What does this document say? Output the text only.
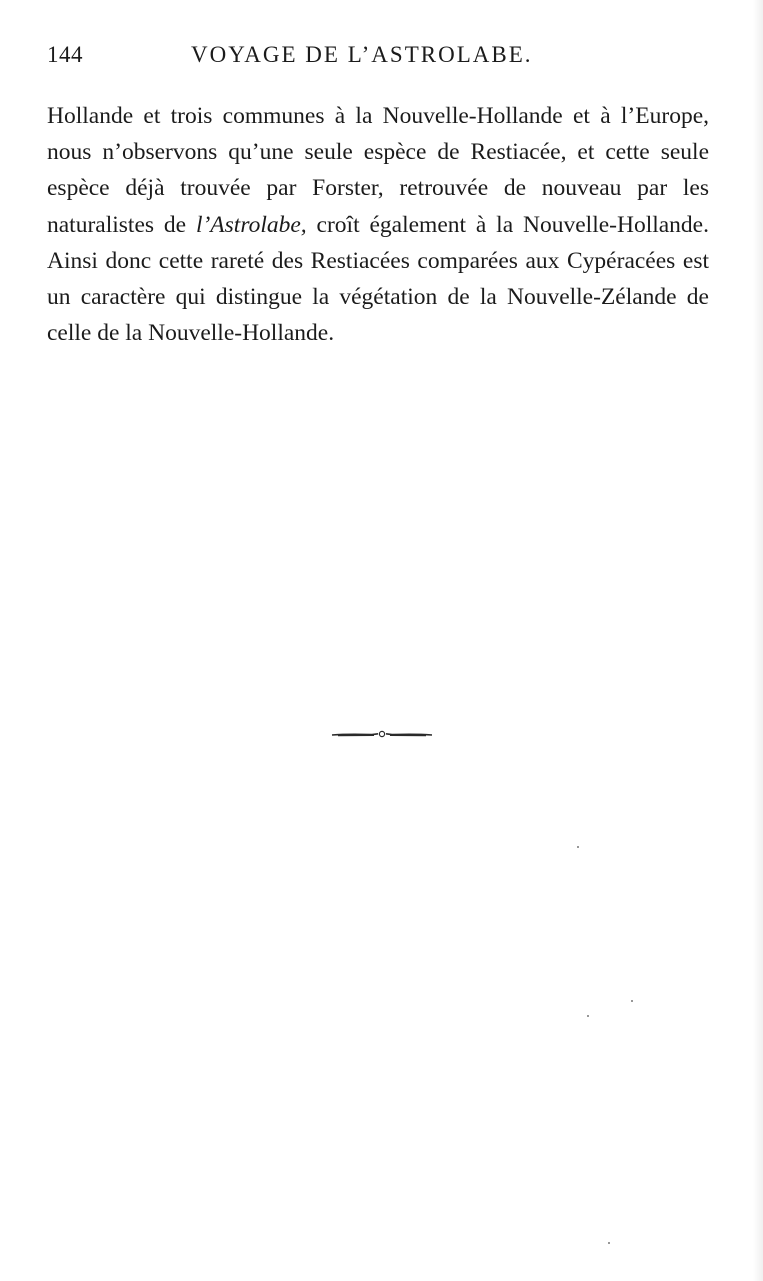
144	VOYAGE DE L’ASTROLABE.

Hollande et trois communes à la Nouvelle-Hollande et à l’Europe, nous n’observons qu’une seule espèce de Restiacée, et cette seule espèce déjà trouvée par Forster, retrouvée de nouveau par les naturalistes de l’Astrolabe, croît également à la Nouvelle-Hollande. Ainsi donc cette rareté des Restiacées comparées aux Cypéracées est un caractère qui distingue la végétation de la Nouvelle-Zélande de celle de la Nouvelle-Hollande.
